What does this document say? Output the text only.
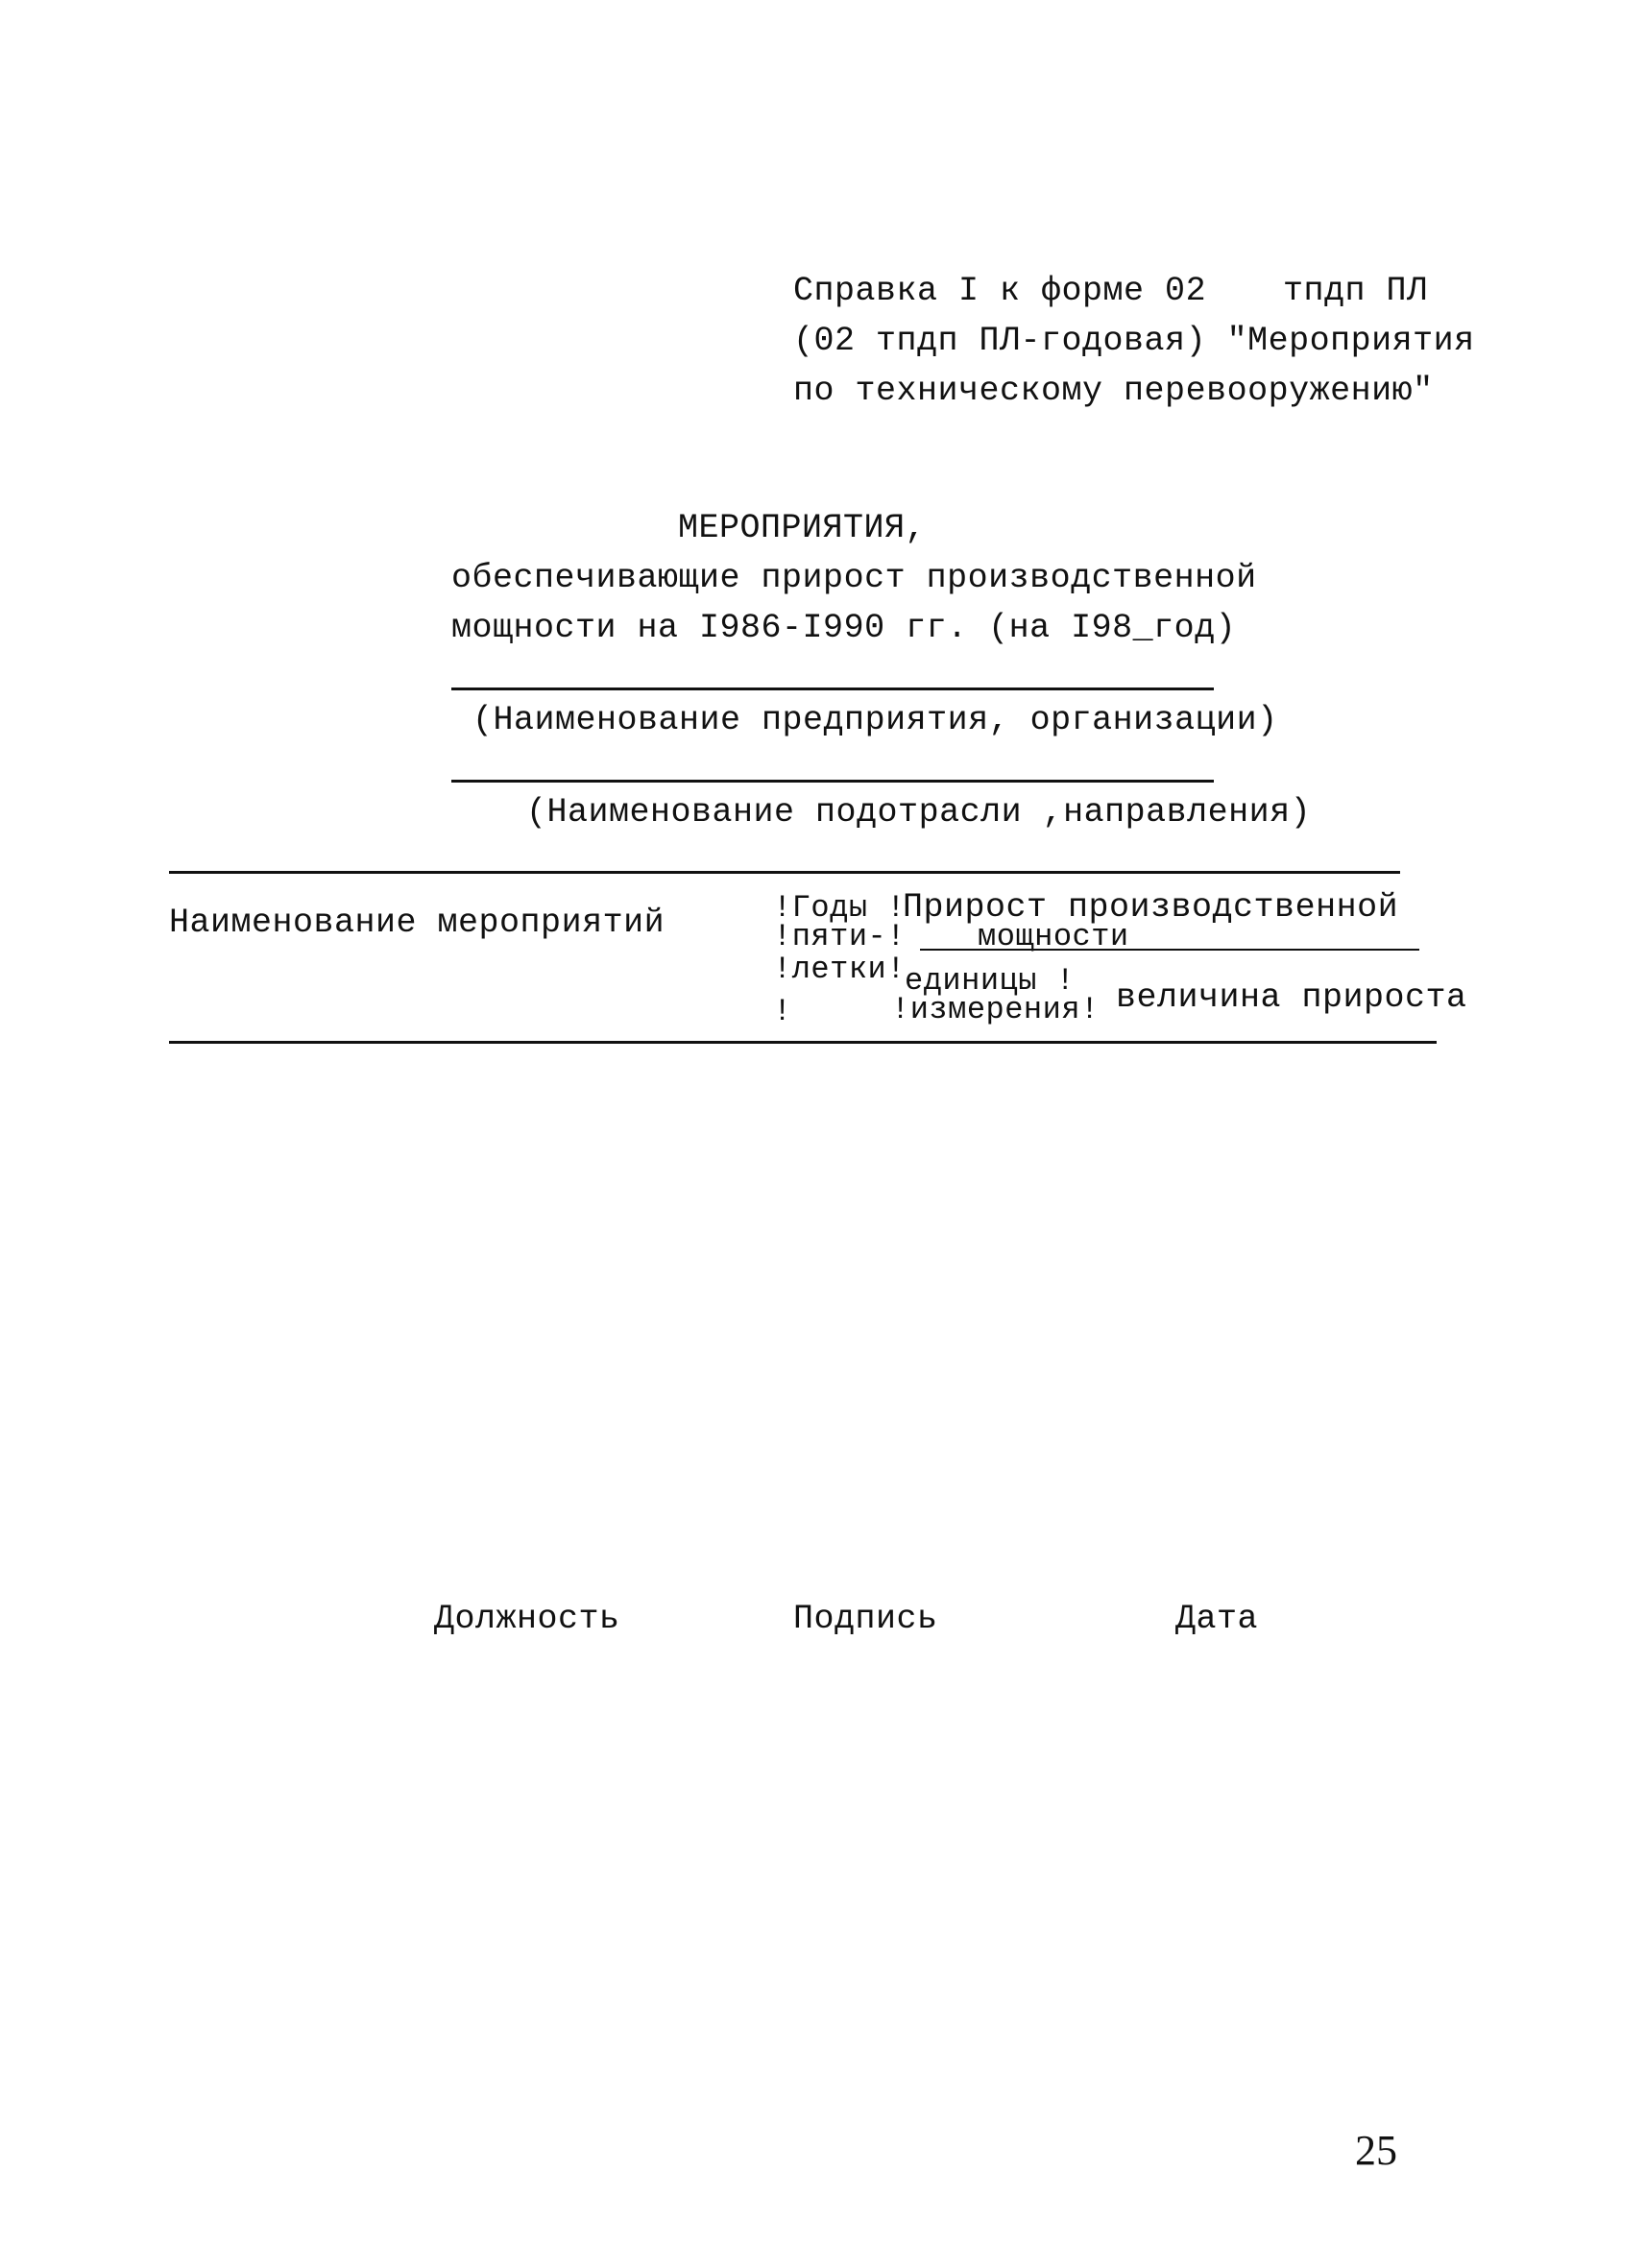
Справка I к форме 02 тпдп ПЛ
(02 тпдп ПЛ-годовая) "Мероприятия
по техническому перевооружению"
МЕРОПРИЯТИЯ,
обеспечивающие прирост производственной
мощности на I986-I990 гг. (на I98_год)
(Наименование предприятия, организации)
(Наименование подотрасли ,направления)
Наименование мероприятий	!Годы !
!пяти-!
!летки!
!
Прирост производственной
мощности
единицы !
!измерения! величина прироста
Должность	Подпись	Дата
25
